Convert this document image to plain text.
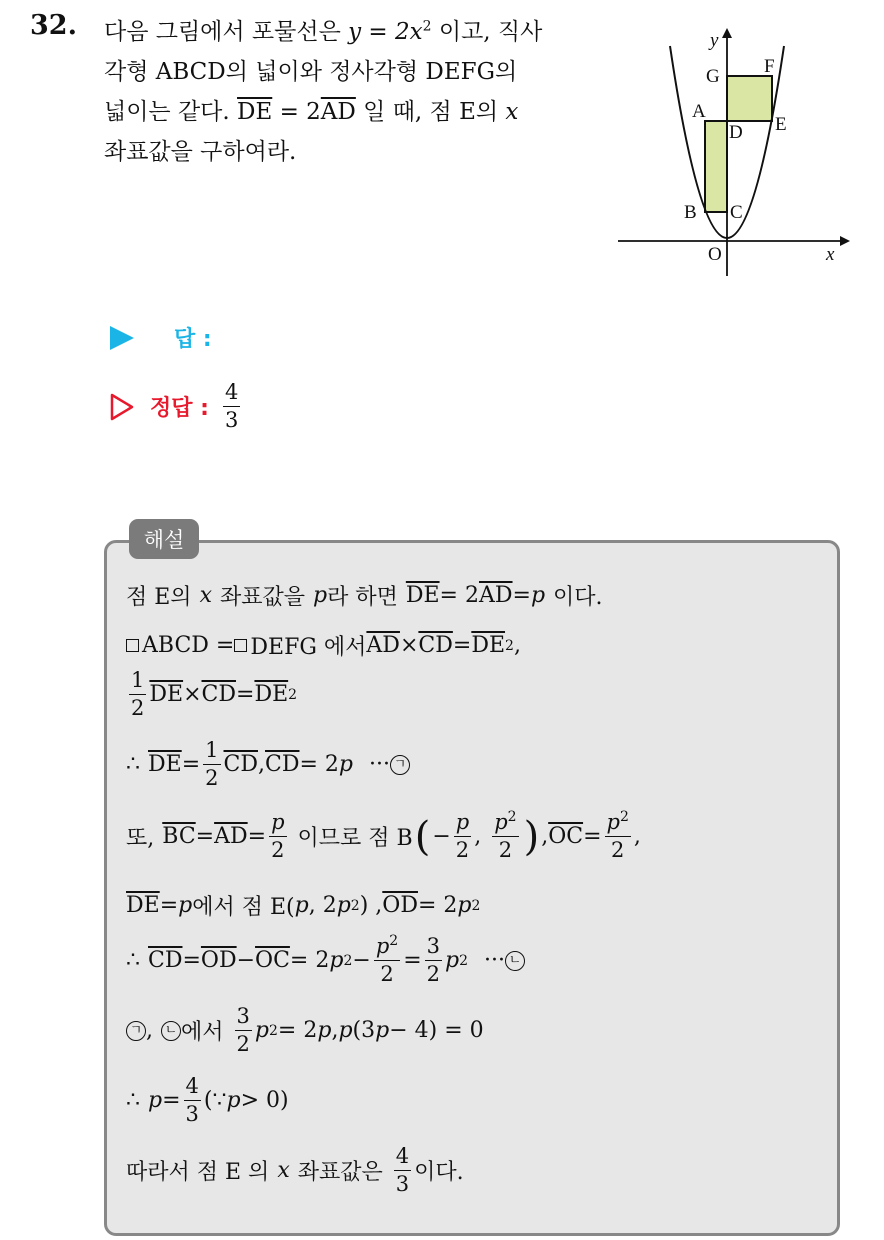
32. 다음 그림에서 포물선은 $y = 2x^2$ 이고, 직사
각형 ABCD의 넓이와 정사각형 DEFG의
넓이는 같다. $\overline{DE} = 2\overline{AD}$ 일 때, 점 E의 x
좌표값을 구하여라.
y
x
O
A
B C
D E
F
G
답 :
정답 : $\frac{4}{3}$
해설
점 E의 x 좌표값을 p 라 하면 $\overline{DE} = 2$ $\overline{AD} = p$ 이다.
ABCD = DEFG 에서 $\overline{AD} \times \overline{CD} = \overline{DE}$ 2 ,
$\frac{1}{2} \overline{DE} \times \overline{CD} = \overline{DE}$ 2
∴ $\overline{DE} = \frac{1}{2} \overline{CD}$ , $\overline{CD} = 2$ p ··· ㄱ
또, $\overline{BC} = \overline{AD} = \frac{p}{2}$ 이므로 점 B ( − $\frac{p}{2}$ , $\frac{p^2}{2}$ ) , $\overline{OC} = \frac{p^2}{2}$ ,
$\overline{DE} = p$ 에서 점 E( p , 2 p 2 ) , $\overline{OD} = 2$ p 2
∴ $\overline{CD} = \overline{OD} - \overline{OC} = 2$ p $2 - \frac{p^2}{2} = \frac{3}{2}$ p 2 ··· ㄴ
ㄱ , ㄴ 에서 $\frac{3}{2}$ p 2 = 2 p , p (3 p − 4) = 0
∴ $p = \frac{4}{3}$ (∵ p > 0)
따라서 점 E 의 x 좌표값은 $\frac{4}{3}$ 이다.
